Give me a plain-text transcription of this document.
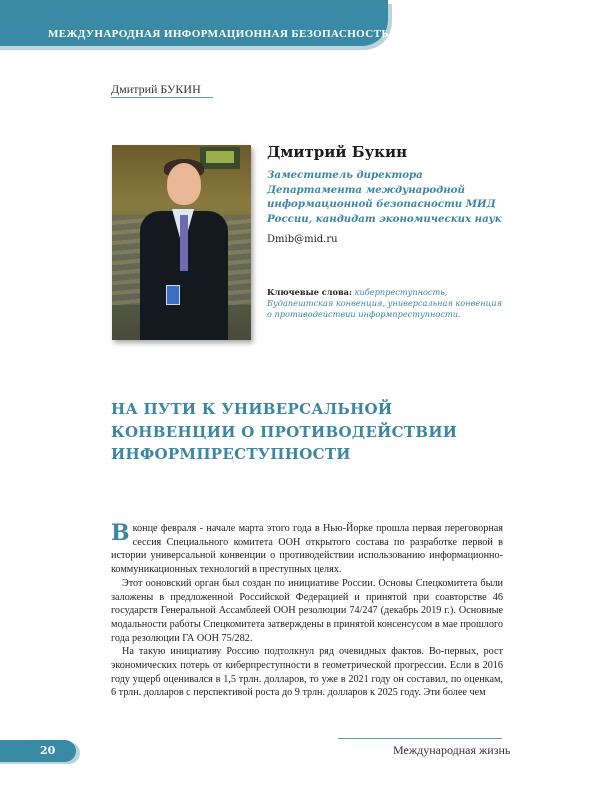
МЕЖДУНАРОДНАЯ ИНФОРМАЦИОННАЯ БЕЗОПАСНОСТЬ
Дмитрий БУКИН
Дмитрий Букин
Заместитель директора Департамента международной информационной безопасности МИД России, кандидат экономических наук
Dmib@mid.ru
Ключевые слова: киберпреступность, Будапештская конвенция, универсальная конвенция о противодействии информпреступности.
НА ПУТИ К УНИВЕРСАЛЬНОЙ КОНВЕНЦИИ О ПРОТИВОДЕЙСТВИИ ИНФОРМПРЕСТУПНОСТИ

В конце февраля - начале марта этого года в Нью-Йорке прошла первая переговорная сессия Специального комитета ООН открытого состава по разработке первой в истории универсальной конвенции о противодействии использованию информационно-коммуникационных технологий в преступных целях.

Этот ооновский орган был создан по инициативе России. Основы Спецкомитета были заложены в предложенной Российской Федерацией и принятой при соавторстве 46 государств Генеральной Ассамблеей ООН резолюции 74/247 (декабрь 2019 г.). Основные модальности работы Спецкомитета затверждены в принятой консенсусом в мае прошлого года резолюции ГА ООН 75/282.

На такую инициативу Россию подтолкнул ряд очевидных фактов. Во-первых, рост экономических потерь от киберпреступности в геометрической прогрессии. Если в 2016 году ущерб оценивался в 1,5 трлн. долларов, то уже в 2021 году он составил, по оценкам, 6 трлн. долларов с перспективой роста до 9 трлн. долларов к 2025 году. Эти более чем

20	Международная жизнь
